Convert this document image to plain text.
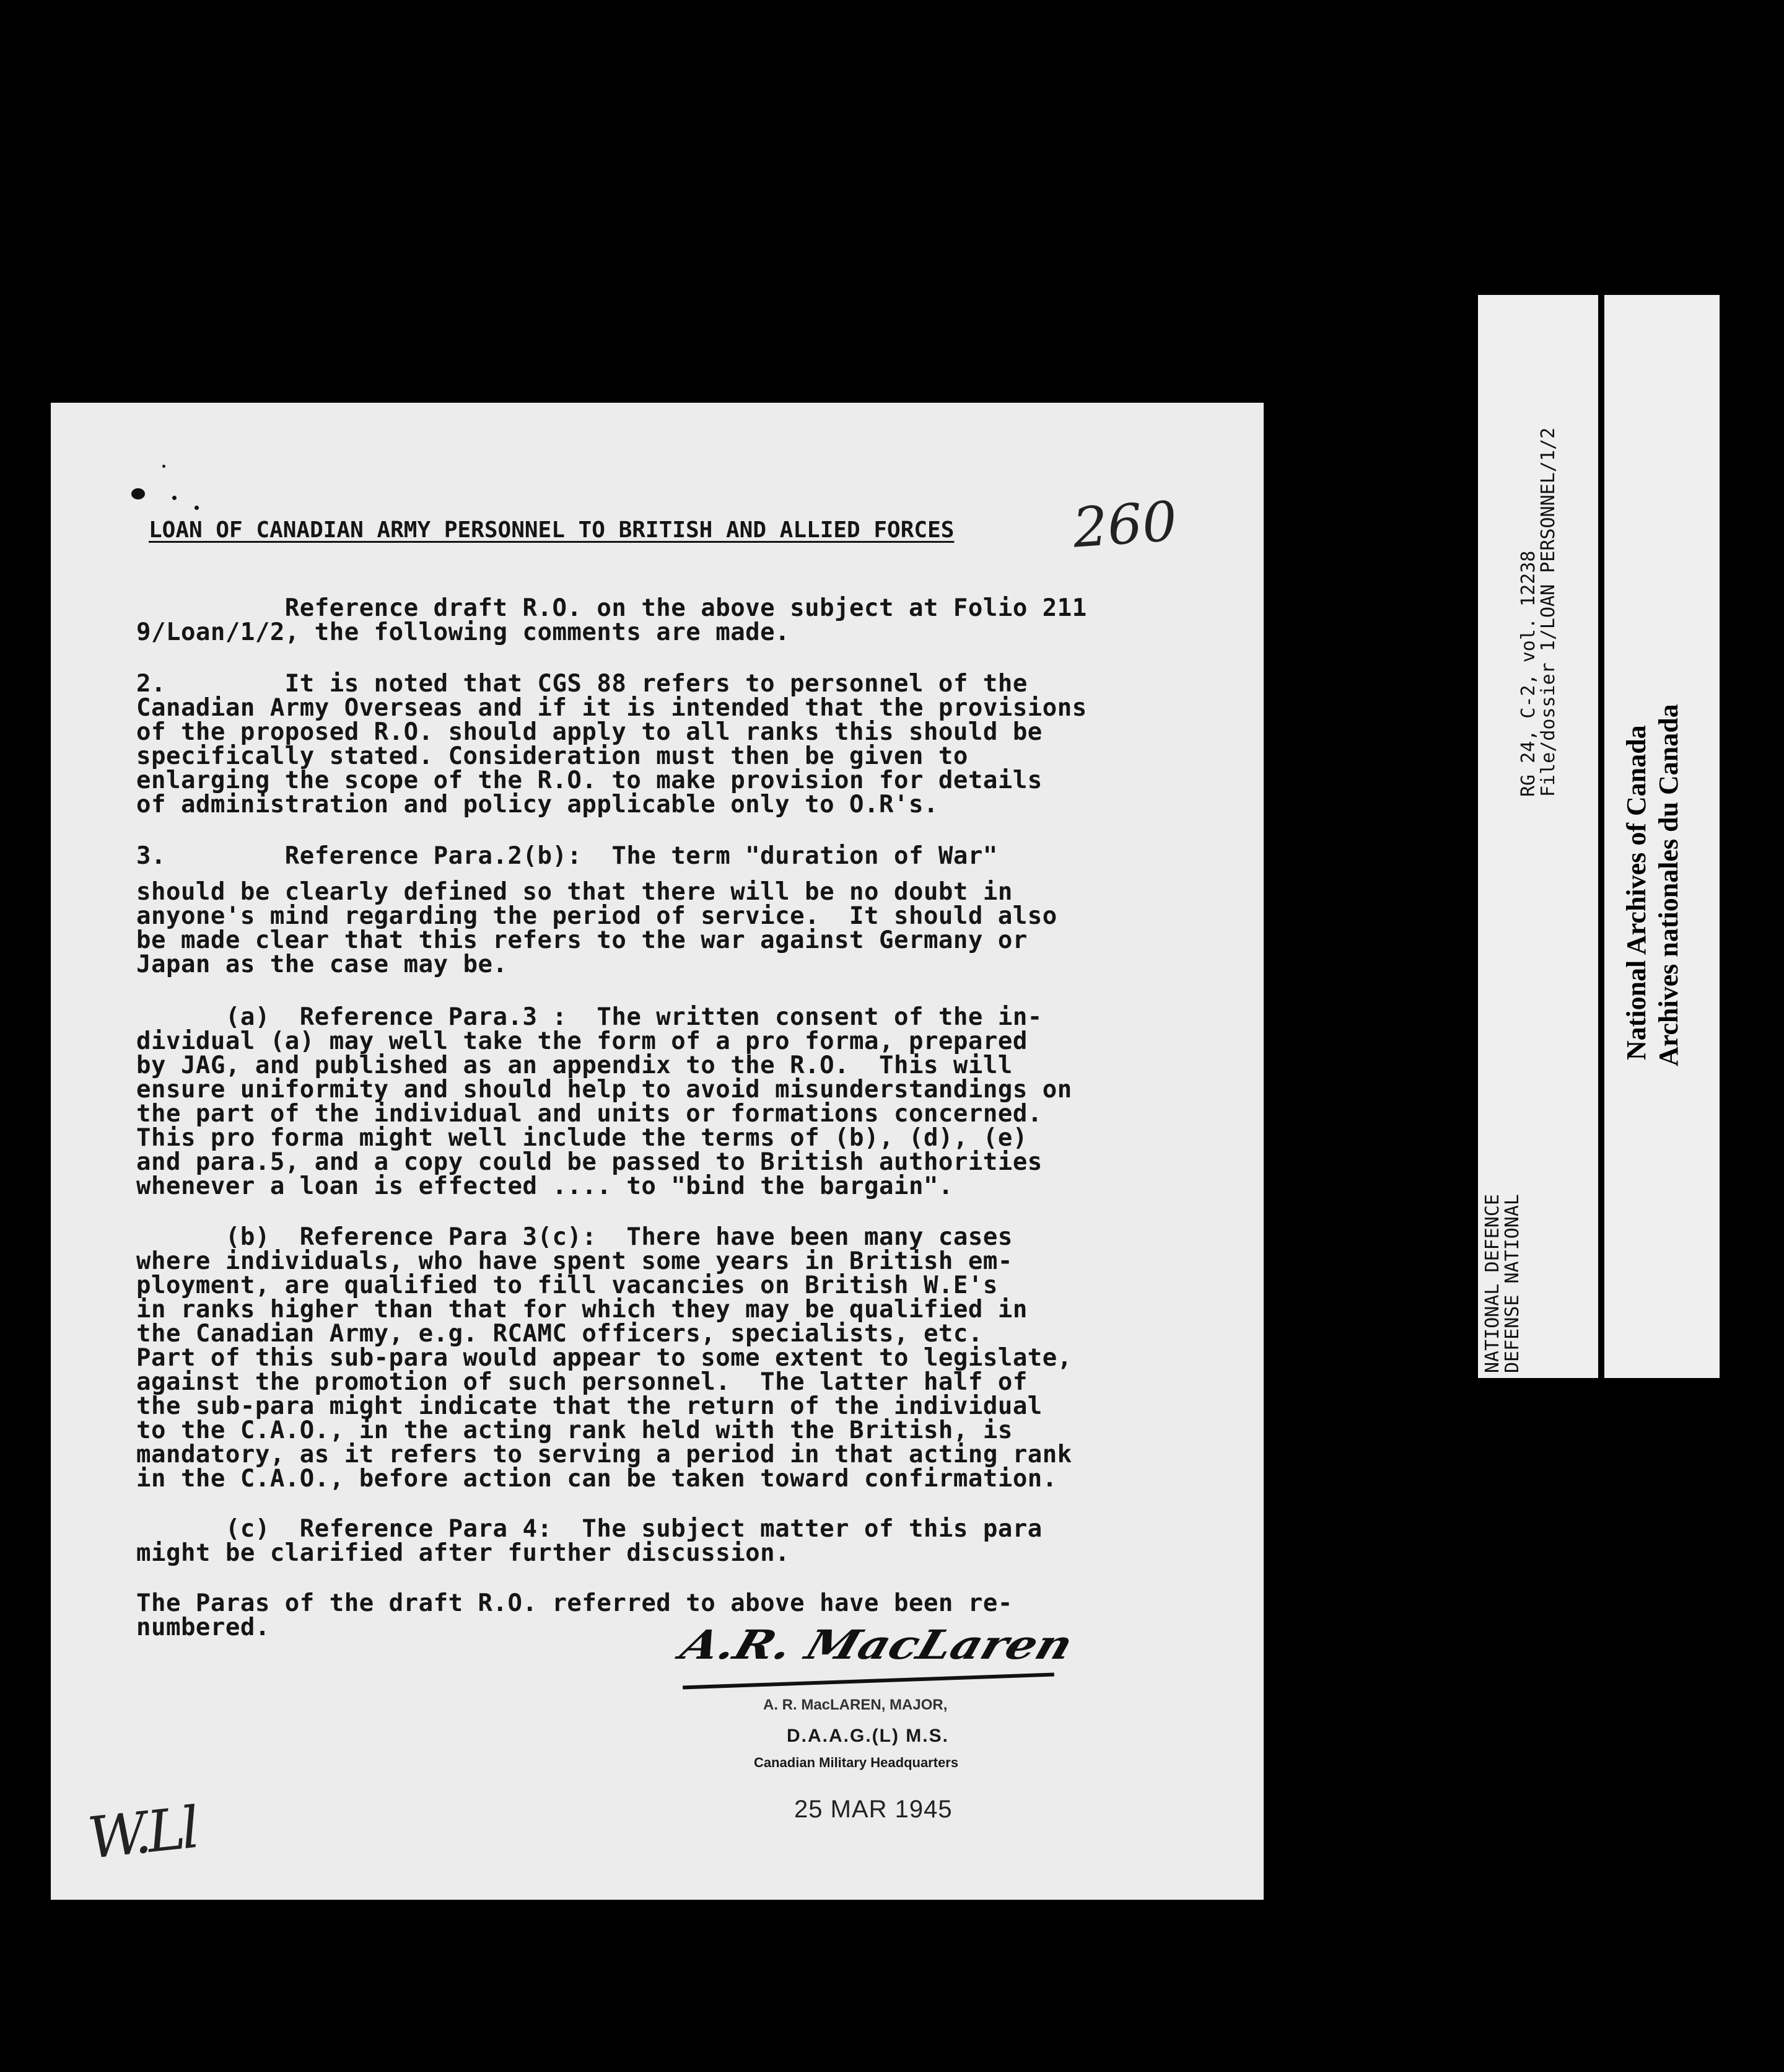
LOAN OF CANADIAN ARMY PERSONNEL TO BRITISH AND ALLIED FORCES 260
Reference draft R.O. on the above subject at Folio 211
9/Loan/1/2, the following comments are made.
2.        It is noted that CGS 88 refers to personnel of the
Canadian Army Overseas and if it is intended that the provisions
of the proposed R.O. should apply to all ranks this should be
specifically stated. Consideration must then be given to
enlarging the scope of the R.O. to make provision for details
of administration and policy applicable only to O.R's.
3.        Reference Para.2(b):  The term "duration of War"
should be clearly defined so that there will be no doubt in
anyone's mind regarding the period of service.  It should also
be made clear that this refers to the war against Germany or
Japan as the case may be.
(a)  Reference Para.3 :  The written consent of the in-
dividual (a) may well take the form of a pro forma, prepared
by JAG, and published as an appendix to the R.O.  This will
ensure uniformity and should help to avoid misunderstandings on
the part of the individual and units or formations concerned.
This pro forma might well include the terms of (b), (d), (e)
and para.5, and a copy could be passed to British authorities
whenever a loan is effected .... to "bind the bargain".
(b)  Reference Para 3(c):  There have been many cases
where individuals, who have spent some years in British em-
ployment, are qualified to fill vacancies on British W.E's
in ranks higher than that for which they may be qualified in
the Canadian Army, e.g. RCAMC officers, specialists, etc.
Part of this sub-para would appear to some extent to legislate,
against the promotion of such personnel.  The latter half of
the sub-para might indicate that the return of the individual
to the C.A.O., in the acting rank held with the British, is
mandatory, as it refers to serving a period in that acting rank
in the C.A.O., before action can be taken toward confirmation.
(c)  Reference Para 4:  The subject matter of this para
might be clarified after further discussion.
The Paras of the draft R.O. referred to above have been re-
numbered.	A.R. MacLaren
A. R. MacLAREN, MAJOR,
D.A.A.G.(L) M.S.
Canadian Military Headquarters
25 MAR 1945
W.Ll
RG 24, C-2, vol. 12238
File/dossier 1/LOAN PERSONNEL/1/2
NATIONAL DEFENCE
DEFENSE NATIONAL
National Archives of Canada Archives nationales du Canada
